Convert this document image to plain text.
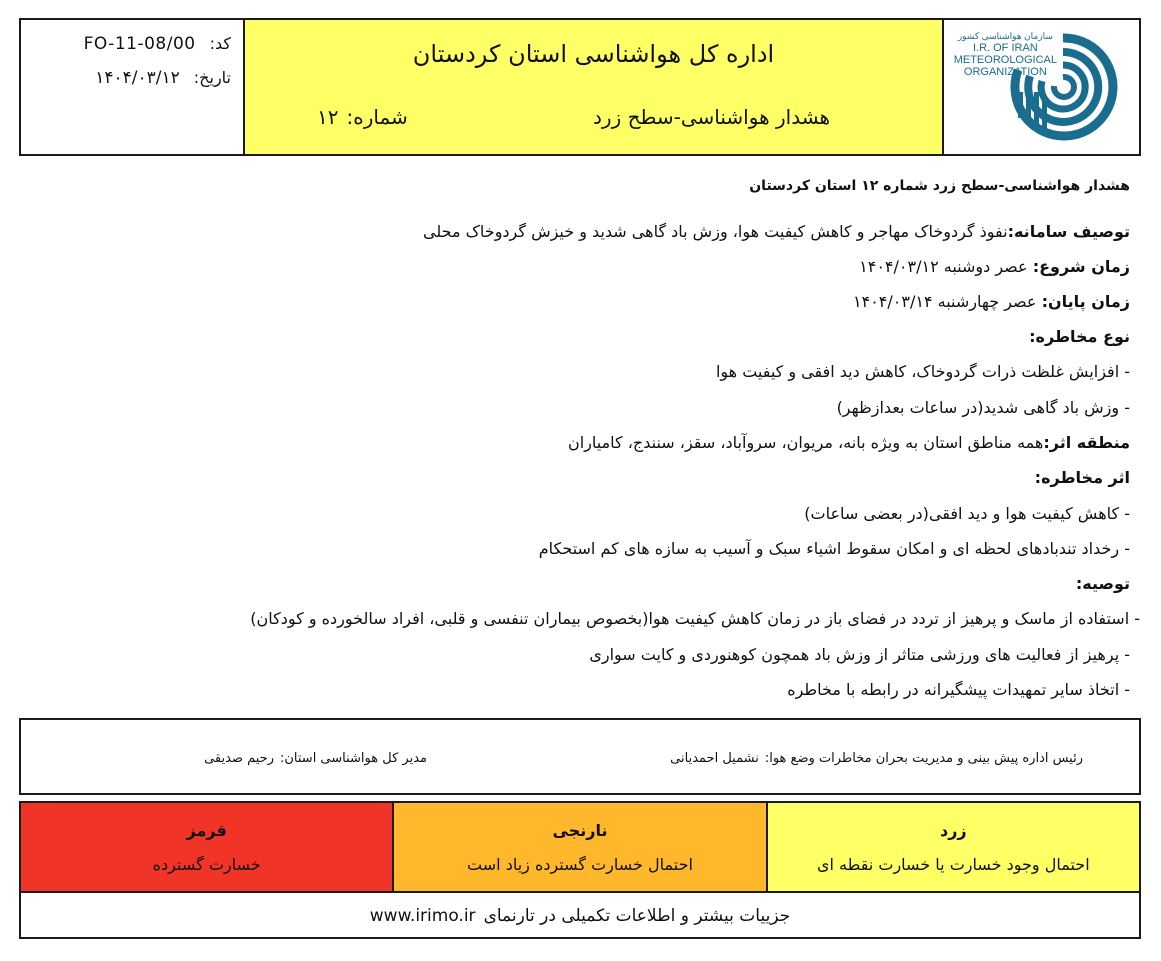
کد:
FO-11-08/00
تاریخ:
۱۴۰۴/۰۳/۱۲
اداره کل هواشناسی استان کردستان
هشدار هواشناسی-سطح زرد
شماره:
۱۲
سازمان هواشناسی کشور
I.R. OF IRAN
METEOROLOGICAL
ORGANIZATION
هشدار هواشناسی-سطح زرد شماره ۱۲ استان کردستان
توصیف سامانه:نفوذ گردوخاک مهاجر و کاهش کیفیت هوا، وزش باد گاهی شدید و خیزش گردوخاک محلی
زمان شروع: عصر دوشنبه ۱۴۰۴/۰۳/۱۲
زمان پایان: عصر چهارشنبه ۱۴۰۴/۰۳/۱۴
نوع مخاطره:
- افزایش غلظت ذرات گردوخاک، کاهش دید افقی و کیفیت هوا
- وزش باد گاهی شدید(در ساعات بعدازظهر)
منطقه اثر:همه مناطق استان به ویژه بانه، مریوان، سروآباد، سقز، سنندج، کامیاران
اثر مخاطره:
- کاهش کیفیت هوا و دید افقی(در بعضی ساعات)
- رخداد تندبادهای لحظه ای و امکان سقوط اشیاء سبک و آسیب به سازه های کم استحکام
توصیه:
- استفاده از ماسک و پرهیز از تردد در فضای باز در زمان کاهش کیفیت هوا(بخصوص بیماران تنفسی و قلبی، افراد سالخورده و کودکان)
- پرهیز از فعالیت های ورزشی متاثر از وزش باد همچون کوهنوردی و کایت سواری
- اتخاذ سایر تمهیدات پیشگیرانه در رابطه با مخاطره
رئیس اداره پیش بینی و مدیریت بحران مخاطرات وضع هوا:
نشمیل احمدیانی
مدیر کل هواشناسی استان:
رحیم صدیقی
قرمز
خسارت گسترده
نارنجی
احتمال خسارت گسترده زیاد است
زرد
احتمال وجود خسارت یا خسارت نقطه ای
جزییات بیشتر و اطلاعات تکمیلی در تارنمای
www.irimo.ir
